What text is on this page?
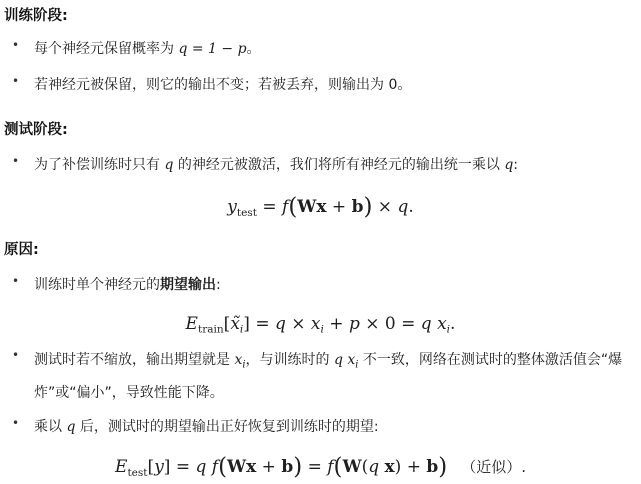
训练阶段:
• 每个神经元保留概率为 q = 1 − p。
• 若神经元被保留，则它的输出不变；若被丢弃，则输出为 0。
测试阶段:
• 为了补偿训练时只有 q 的神经元被激活，我们将所有神经元的输出统一乘以 q:
$y_{test} = f(Wx + b) \times q$.
原因:
• 训练时单个神经元的期望输出:
$E_{train}[x̃_i] = q \times x_i + p \times 0 = q$ $x_i$.
• 测试时若不缩放，输出期望就是 $x_i$，与训练时的 q $x_i$ 不一致，网络在测试时的整体激活值会“爆炸”或“偏小”，导致性能下降。
• 乘以 q 后，测试时的期望输出正好恢复到训练时的期望:
$E_{test}[y] = q$ f(Wx + b) = f(W(q x) + b) （近似）.
